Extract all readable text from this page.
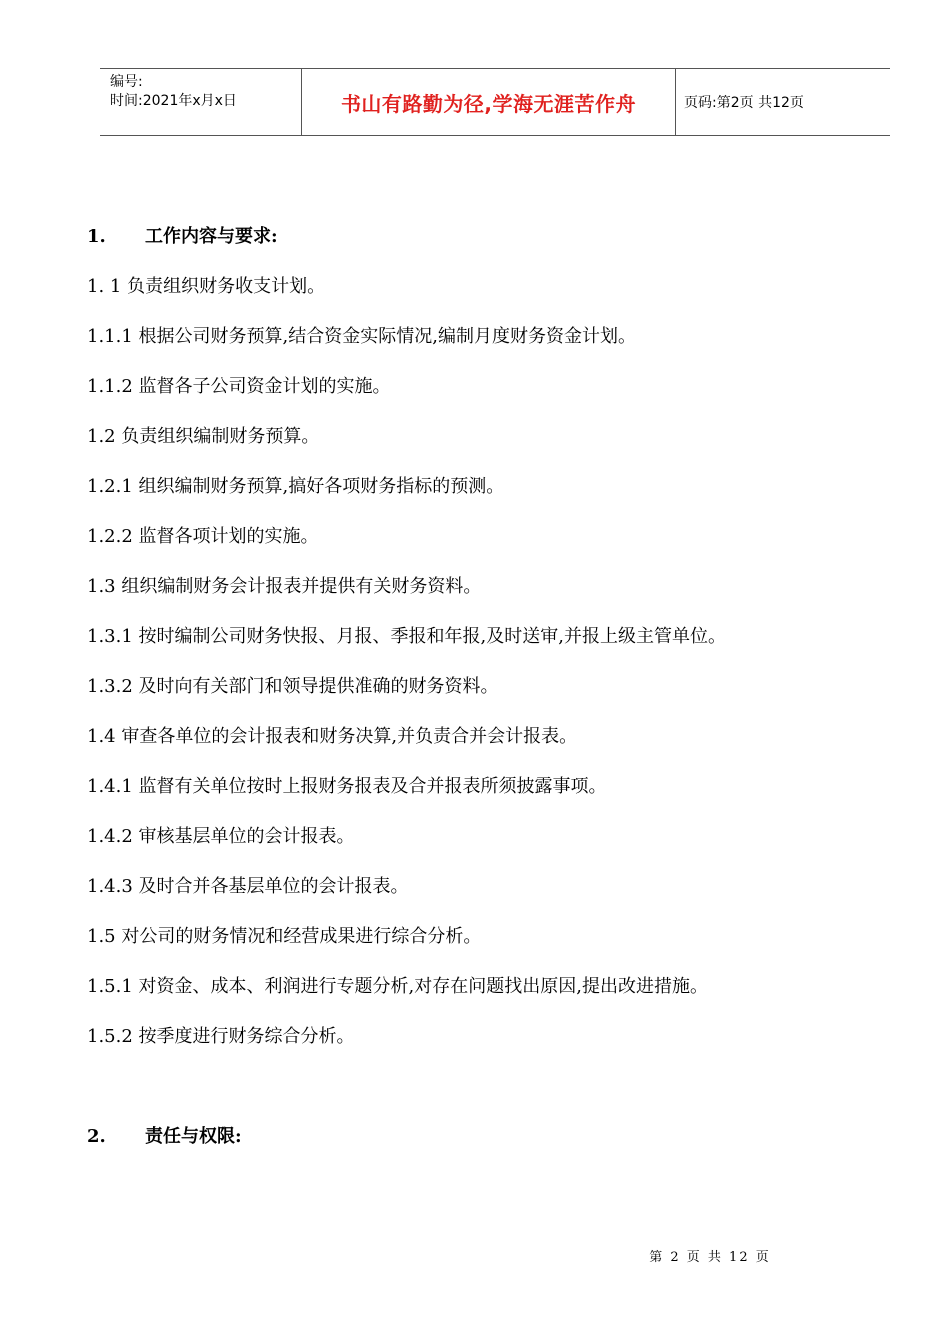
编号:
时间:2021年x月x日	书山有路勤为径,学海无涯苦作舟	页码:第2页 共12页
1. 工作内容与要求:
1. 1 负责组织财务收支计划。
1.1.1 根据公司财务预算,结合资金实际情况,编制月度财务资金计划。
1.1.2 监督各子公司资金计划的实施。
1.2 负责组织编制财务预算。
1.2.1 组织编制财务预算,搞好各项财务指标的预测。
1.2.2 监督各项计划的实施。
1.3 组织编制财务会计报表并提供有关财务资料。
1.3.1 按时编制公司财务快报、月报、季报和年报,及时送审,并报上级主管单位。
1.3.2 及时向有关部门和领导提供准确的财务资料。
1.4 审查各单位的会计报表和财务决算,并负责合并会计报表。
1.4.1 监督有关单位按时上报财务报表及合并报表所须披露事项。
1.4.2 审核基层单位的会计报表。
1.4.3 及时合并各基层单位的会计报表。
1.5 对公司的财务情况和经营成果进行综合分析。
1.5.1 对资金、成本、利润进行专题分析,对存在问题找出原因,提出改进措施。
1.5.2 按季度进行财务综合分析。
2. 责任与权限:
第 2 页 共 12 页
